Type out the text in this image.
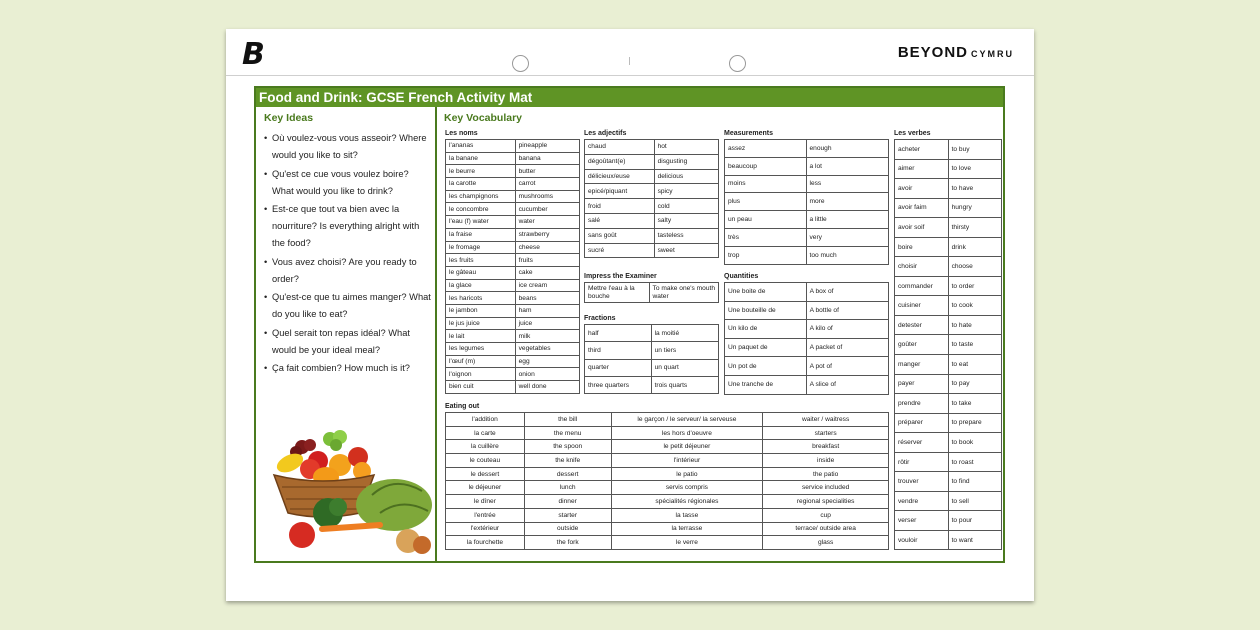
B	BEYOND CYMRU
Food and Drink: GCSE French Activity Mat
Key Ideas
• Où voulez-vous vous asseoir? Where would you like to sit?
• Qu'est ce cue vous voulez boire? What would you like to drink?
• Est-ce que tout va bien avec la nourriture? Is everything alright with the food?
• Vous avez choisi? Are you ready to order?
• Qu'est-ce que tu aimes manger? What do you like to eat?
• Quel serait ton repas idéal? What would be your ideal meal?
• Ça fait combien? How much is it?
Key Vocabulary
Les noms
l'ananas	pineapple
la banane	banana
le beurre	butter
la carotte	carrot
les champignons	mushrooms
le concombre	cucumber
l'eau (f) water	water
la fraise	strawberry
le fromage	cheese
les fruits	fruits
le gâteau	cake
la glace	ice cream
les haricots	beans
le jambon	ham
le jus juice	juice
le lait	milk
les legumes	vegetables
l'œuf (m)	egg
l'oignon	onion
bien cuit	well done
Les adjectifs
chaud	hot
dégoûtant(e)	disgusting
délicieux/euse	delicious
epicé/piquant	spicy
froid	cold
salé	salty
sans goût	tasteless
sucré	sweet
Impress the Examiner
Mettre l'eau à la bouche	To make one's mouth water
Fractions
half	la moitié
third	un tiers
quarter	un quart
three quarters	trois quarts
Measurements
assez	enough
beaucoup	a lot
moins	less
plus	more
un peau	a little
très	very
trop	too much
Quantities
Une boite de	A box of
Une bouteille de	A bottle of
Un kilo de	A kilo of
Un paquet de	A packet of
Un pot de	A pot of
Une tranche de	A slice of
Les verbes
acheter	to buy
aimer	to love
avoir	to have
avoir faim	hungry
avoir soif	thirsty
boire	drink
choisir	choose
commander	to order
cuisiner	to cook
detester	to hate
goûter	to taste
manger	to eat
payer	to pay
prendre	to take
préparer	to prepare
réserver	to book
rôtir	to roast
trouver	to find
vendre	to sell
verser	to pour
vouloir	to want
Eating out
l'addition	the bill	le garçon / le serveur/ la serveuse	waiter / waitress
la carte	the menu	les hors d'oeuvre	starters
la cuillère	the spoon	le petit déjeuner	breakfast
le couteau	the knife	l'intérieur	inside
le dessert	dessert	le patio	the patio
le déjeuner	lunch	servis compris	service included
le dîner	dinner	spécialités régionales	regional specialities
l'entrée	starter	la tasse	cup
l'extérieur	outside	la terrasse	terrace/ outside area
la fourchette	the fork	le verre	glass
